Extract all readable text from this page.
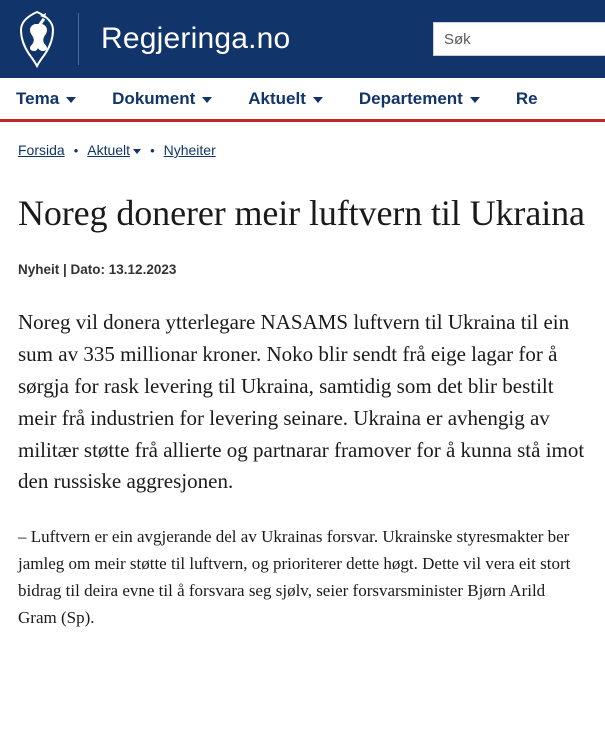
Regjeringa.no
Søk
Tema	Dokument	Aktuelt	Departement	Re
Forsida • Aktuelt • Nyheiter
Noreg donerer meir luftvern til Ukraina
Nyheit | Dato: 13.12.2023

Noreg vil donera ytterlegare NASAMS luftvern til Ukraina til ein sum av 335 millionar kroner. Noko blir sendt frå eige lagar for å sørgja for rask levering til Ukraina, samtidig som det blir bestilt meir frå industrien for levering seinare. Ukraina er avhengig av militær støtte frå allierte og partnarar framover for å kunna stå imot den russiske aggresjonen.

– Luftvern er ein avgjerande del av Ukrainas forsvar. Ukrainske styresmakter ber jamleg om meir støtte til luftvern, og prioriterer dette høgt. Dette vil vera eit stort bidrag til deira evne til å forsvara seg sjølv, seier forsvarsminister Bjørn Arild Gram (Sp).
